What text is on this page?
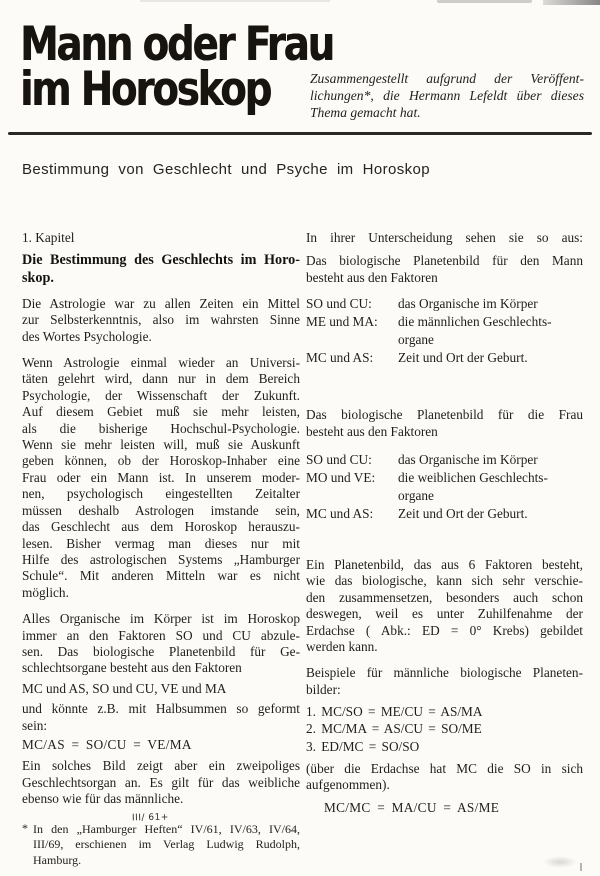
Mann oder Frau
im Horoskop	Zusammengestellt aufgrund der Veröffent-
lichungen*, die Hermann Lefeldt über dieses
Thema gemacht hat.
Bestimmung von Geschlecht und Psyche im Horoskop
1. Kapitel
Die Bestimmung des Geschlechts im Horo-
skop.
Die Astrologie war zu allen Zeiten ein Mittel
zur Selbsterkenntnis, also im wahrsten Sinne
des Wortes Psychologie.
Wenn Astrologie einmal wieder an Universi-
täten gelehrt wird, dann nur in dem Bereich
Psychologie, der Wissenschaft der Zukunft.
Auf diesem Gebiet muß sie mehr leisten,
als die bisherige Hochschul-Psychologie.
Wenn sie mehr leisten will, muß sie Auskunft
geben können, ob der Horoskop-Inhaber eine
Frau oder ein Mann ist. In unserem moder-
nen, psychologisch eingestellten Zeitalter
müssen deshalb Astrologen imstande sein,
das Geschlecht aus dem Horoskop herauszu-
lesen. Bisher vermag man dieses nur mit
Hilfe des astrologischen Systems „Hamburger
Schule“. Mit anderen Mitteln war es nicht
möglich.
Alles Organische im Körper ist im Horoskop
immer an den Faktoren SO und CU abzule-
sen. Das biologische Planetenbild für Ge-
schlechtsorgane besteht aus den Faktoren
MC und AS, SO und CU, VE und MA
und könnte z.B. mit Halbsummen so geformt
sein:
MC/AS = SO/CU = VE/MA
Ein solches Bild zeigt aber ein zweipoliges
Geschlechtsorgan an. Es gilt für das weibliche
ebenso wie für das männliche.
In ihrer Unterscheidung sehen sie so aus:
Das biologische Planetenbild für den Mann
besteht aus den Faktoren
SO und CU:	das Organische im Körper
ME und MA:	die männlichen Geschlechts-
organe
MC und AS:	Zeit und Ort der Geburt.
Das biologische Planetenbild für die Frau
besteht aus den Faktoren
SO und CU:	das Organische im Körper
MO und VE:	die weiblichen Geschlechts-
organe
MC und AS:	Zeit und Ort der Geburt.
Ein Planetenbild, das aus 6 Faktoren besteht,
wie das biologische, kann sich sehr verschie-
den zusammensetzen, besonders auch schon
deswegen, weil es unter Zuhilfenahme der
Erdachse ( Abk.: ED = 0° Krebs) gebildet
werden kann.
Beispiele für männliche biologische Planeten-
bilder:
1. MC/SO = ME/CU = AS/MA
2. MC/MA = AS/CU = SO/ME
3. ED/MC = SO/SO
(über die Erdachse hat MC die SO in sich
aufgenommen).
MC/MC = MA/CU = AS/ME
*
III/ 61+
In den „Hamburger Heften“ IV/61, IV/63, IV/64,
III/69, erschienen im Verlag Ludwig Rudolph,
Hamburg.
